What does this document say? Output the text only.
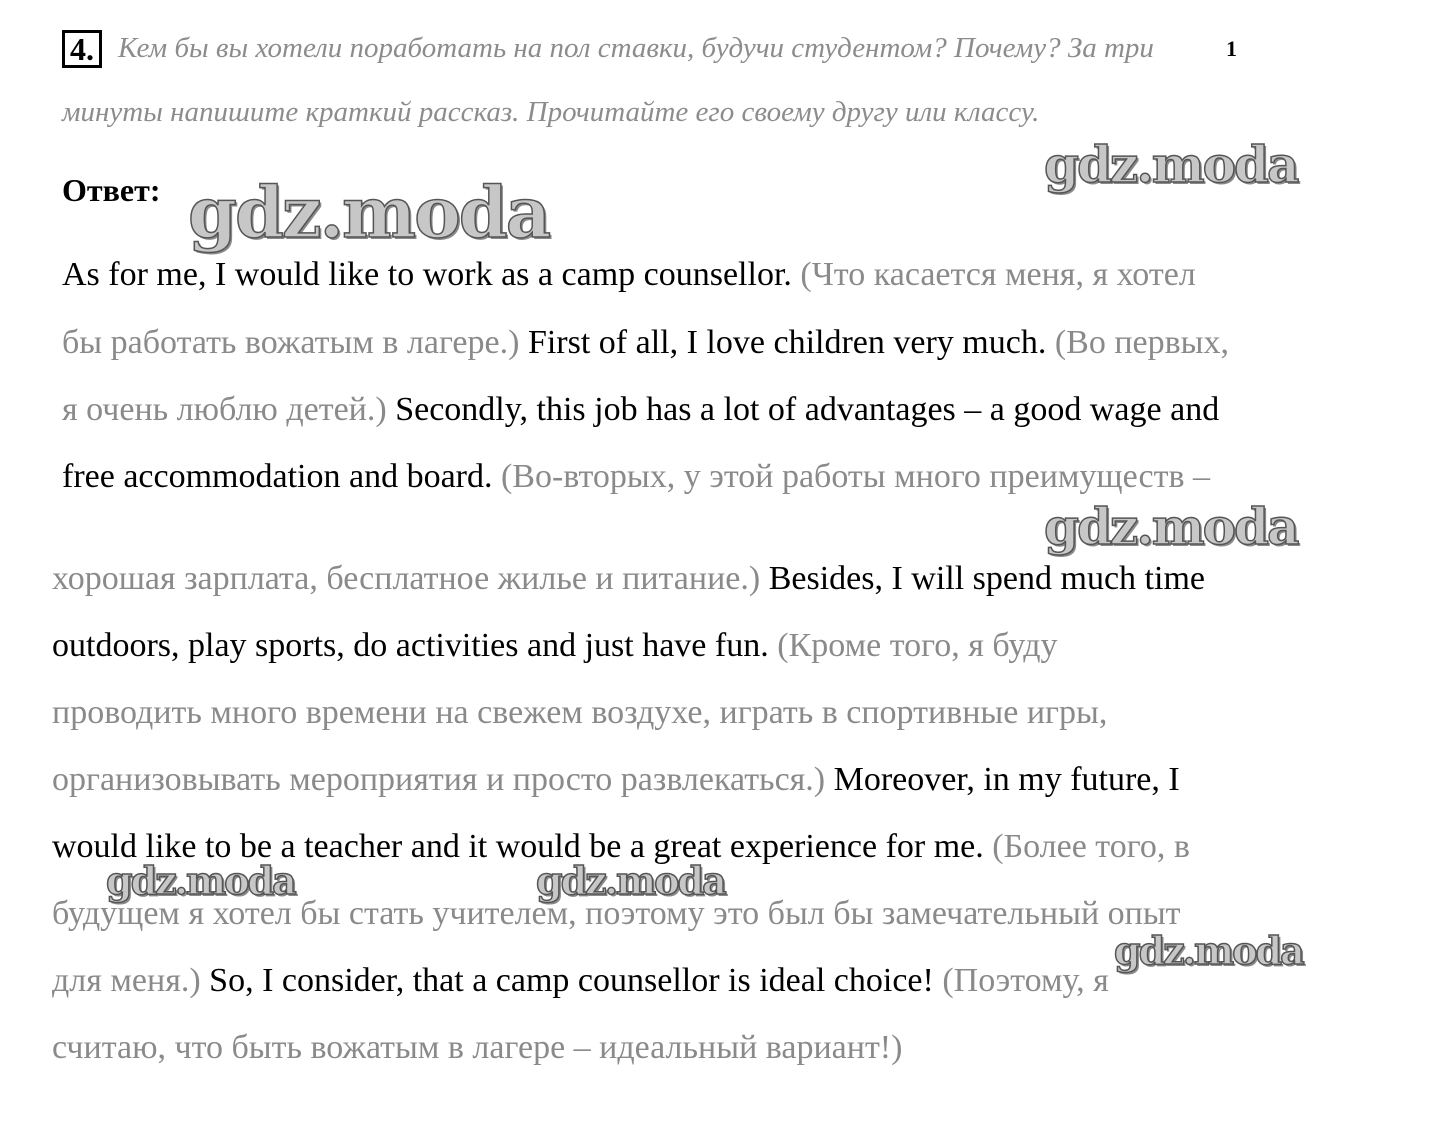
4. Кем бы вы хотели поработать на пол ставки, будучи студентом? Почему? За три
минуты напишите краткий рассказ. Прочитайте его своему другу или классу.
1
Ответ:
As for me, I would like to work as a camp counsellor. (Что касается меня, я хотел
бы работать вожатым в лагере.) First of all, I love children very much. (Во первых,
я очень люблю детей.) Secondly, this job has a lot of advantages – a good wage and
free accommodation and board. (Во-вторых, у этой работы много преимуществ –
хорошая зарплата, бесплатное жилье и питание.) Besides, I will spend much time
outdoors, play sports, do activities and just have fun. (Кроме того, я буду
проводить много времени на свежем воздухе, играть в спортивные игры,
организовывать мероприятия и просто развлекаться.) Moreover, in my future, I
would like to be a teacher and it would be a great experience for me. (Более того, в
будущем я хотел бы стать учителем, поэтому это был бы замечательный опыт
для меня.) So, I consider, that a camp counsellor is ideal choice! (Поэтому, я
считаю, что быть вожатым в лагере – идеальный вариант!)
gdz.moda
gdz.moda
gdz.moda
gdz.moda	gdz.moda
gdz.moda
